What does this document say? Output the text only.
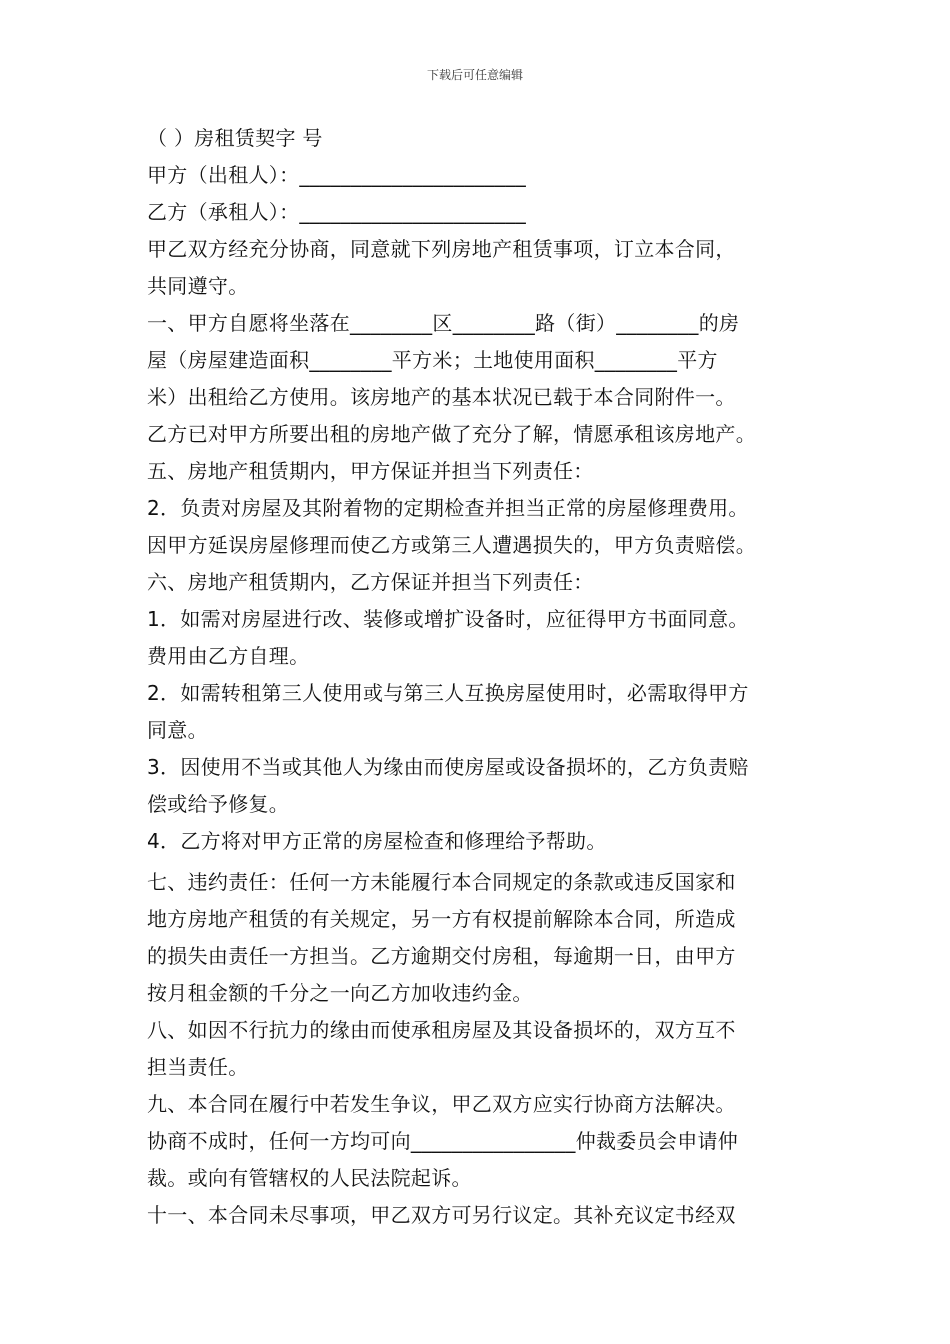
下载后可任意编辑
（ ）房租赁契字 号
甲方（出租人）：______________________
乙方（承租人）：______________________
甲乙双方经充分协商，同意就下列房地产租赁事项，订立本合同，
共同遵守。
一、甲方自愿将坐落在________区________路（街）________的房
屋（房屋建造面积________平方米；土地使用面积________平方
米）出租给乙方使用。该房地产的基本状况已载于本合同附件一。
乙方已对甲方所要出租的房地产做了充分了解，情愿承租该房地产。
五、房地产租赁期内，甲方保证并担当下列责任：
2．负责对房屋及其附着物的定期检查并担当正常的房屋修理费用。
因甲方延误房屋修理而使乙方或第三人遭遇损失的，甲方负责赔偿。
六、房地产租赁期内，乙方保证并担当下列责任：
1．如需对房屋进行改、装修或增扩设备时，应征得甲方书面同意。
费用由乙方自理。
2．如需转租第三人使用或与第三人互换房屋使用时，必需取得甲方
同意。
3．因使用不当或其他人为缘由而使房屋或设备损坏的，乙方负责赔
偿或给予修复。
4．乙方将对甲方正常的房屋检查和修理给予帮助。
七、违约责任：任何一方未能履行本合同规定的条款或违反国家和
地方房地产租赁的有关规定，另一方有权提前解除本合同，所造成
的损失由责任一方担当。乙方逾期交付房租，每逾期一日，由甲方
按月租金额的千分之一向乙方加收违约金。
八、如因不行抗力的缘由而使承租房屋及其设备损坏的，双方互不
担当责任。
九、本合同在履行中若发生争议，甲乙双方应实行协商方法解决。
协商不成时，任何一方均可向________________仲裁委员会申请仲
裁。或向有管辖权的人民法院起诉。
十一、本合同未尽事项，甲乙双方可另行议定。其补充议定书经双
